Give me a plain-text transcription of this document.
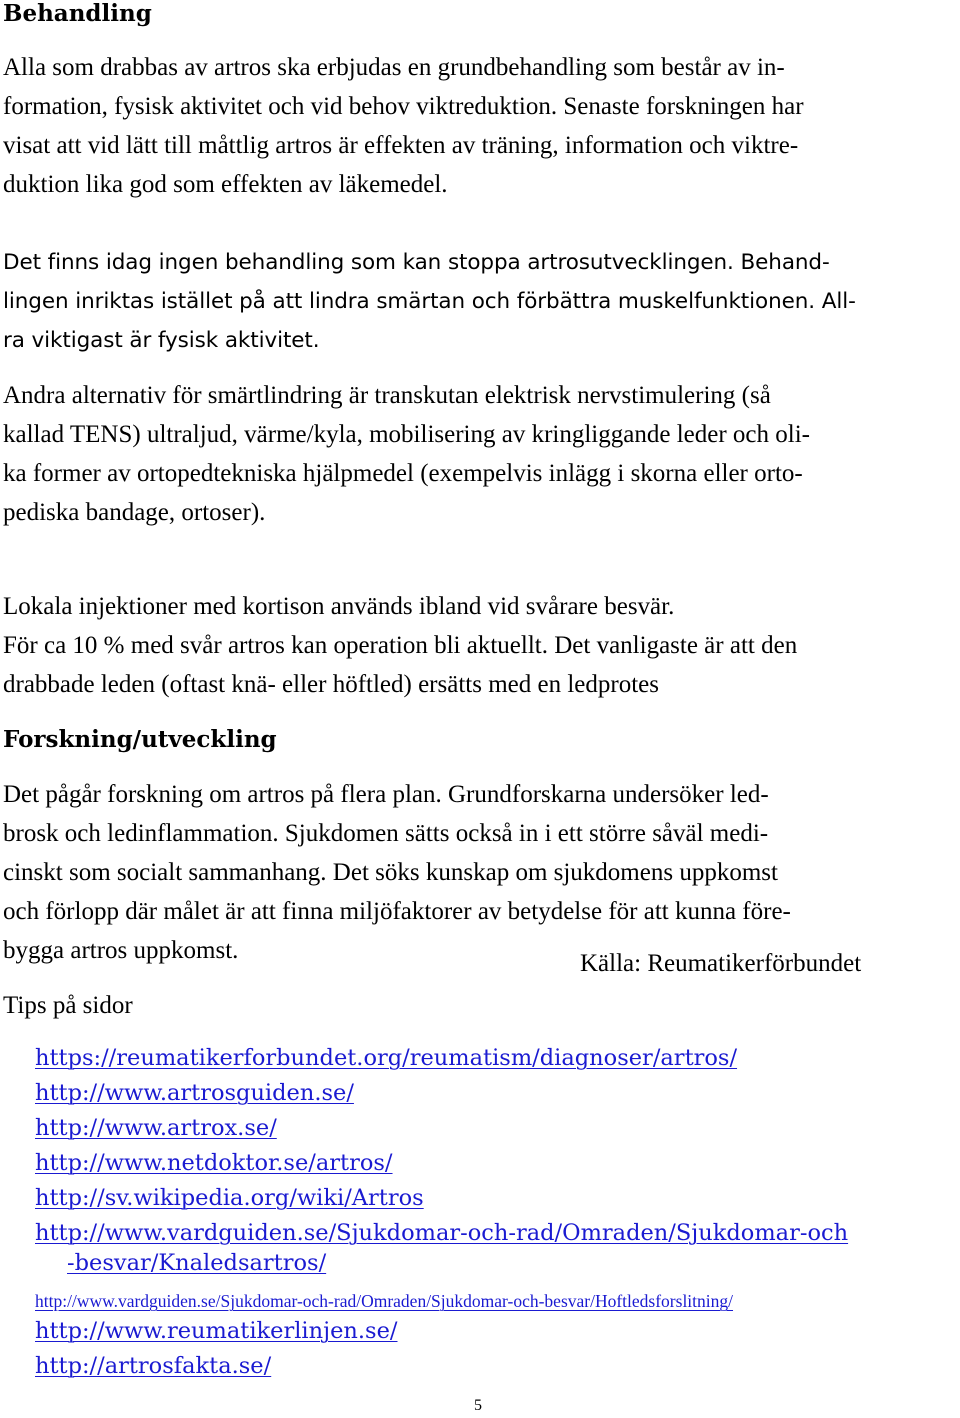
Behandling

Alla som drabbas av artros ska erbjudas en grundbehandling som består av in-
formation, fysisk aktivitet och vid behov viktreduktion. Senaste forskningen har
visat att vid lätt till måttlig artros är effekten av träning, information och viktre-
duktion lika god som effekten av läkemedel.

Det finns idag ingen behandling som kan stoppa artrosutvecklingen. Behand-
lingen inriktas istället på att lindra smärtan och förbättra muskelfunktionen. All-
ra viktigast är fysisk aktivitet.

Andra alternativ för smärtlindring är transkutan elektrisk nervstimulering (så
kallad TENS) ultraljud, värme/kyla, mobilisering av kringliggande leder och oli-
ka former av ortopedtekniska hjälpmedel (exempelvis inlägg i skorna eller orto-
pediska bandage, ortoser).

Lokala injektioner med kortison används ibland vid svårare besvär.
För ca 10 % med svår artros kan operation bli aktuellt. Det vanligaste är att den
drabbade leden (oftast knä- eller höftled) ersätts med en ledprotes

Forskning/utveckling

Det pågår forskning om artros på flera plan. Grundforskarna undersöker led-
brosk och ledinflammation. Sjukdomen sätts också in i ett större såväl medi-
cinskt som socialt sammanhang. Det söks kunskap om sjukdomens uppkomst
och förlopp där målet är att finna miljöfaktorer av betydelse för att kunna före-
bygga artros uppkomst.	Källa: Reumatikerförbundet
Tips på sidor
https://reumatikerforbundet.org/reumatism/diagnoser/artros/
http://www.artrosguiden.se/
http://www.artrox.se/
http://www.netdoktor.se/artros/
http://sv.wikipedia.org/wiki/Artros
http://www.vardguiden.se/Sjukdomar-och-rad/Omraden/Sjukdomar-och
-besvar/Knaledsartros/
http://www.vardguiden.se/Sjukdomar-och-rad/Omraden/Sjukdomar-och-besvar/Hoftledsforslitning/
http://www.reumatikerlinjen.se/
http://artrosfakta.se/
5
